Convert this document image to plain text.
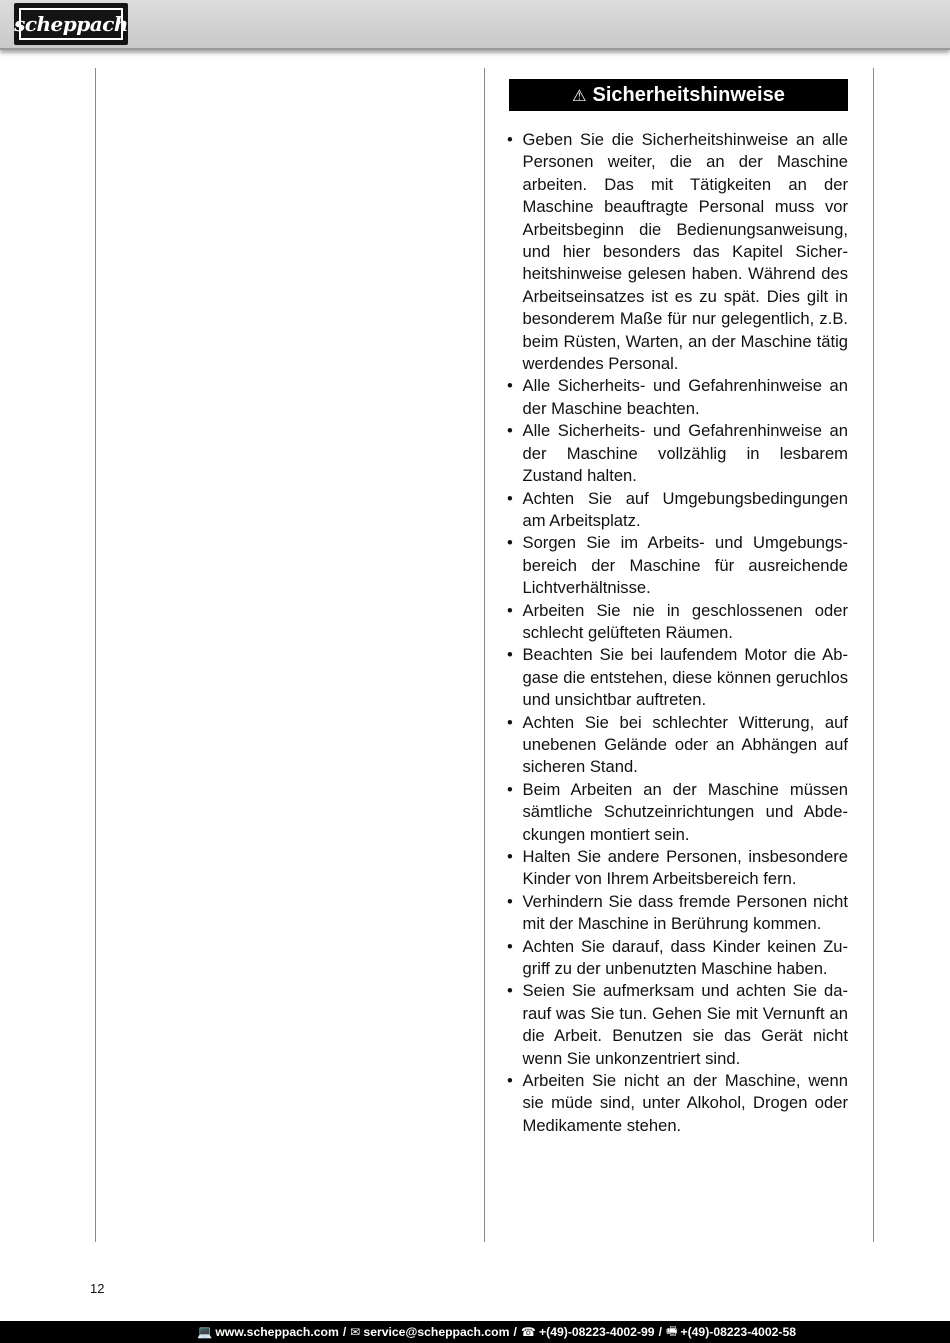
scheppach
⚠ Sicherheitshinweise
• Geben Sie die Sicherheitshinweise an alle Personen weiter, die an der Maschine arbeiten. Das mit Tätigkeiten an der Maschine beauftragte Personal muss vor Arbeitsbeginn die Bedienungsanweisung, und hier besonders das Kapitel Sicherheitshinweise gelesen haben. Während des Arbeitseinsatzes ist es zu spät. Dies gilt in besonderem Maße für nur gelegentlich, z.B. beim Rüsten, Warten, an der Maschine tätig werdendes Personal.
• Alle Sicherheits- und Gefahrenhinweise an der Maschine beachten.
• Alle Sicherheits- und Gefahrenhinweise an der Maschine vollzählig in lesbarem Zustand halten.
• Achten Sie auf Umgebungsbedingungen am Arbeitsplatz.
• Sorgen Sie im Arbeits- und Umgebungsbereich der Maschine für ausreichende Lichtverhältnisse.
• Arbeiten Sie nie in geschlossenen oder schlecht gelüfteten Räumen.
• Beachten Sie bei laufendem Motor die Abgase die entstehen, diese können geruchlos und unsichtbar auftreten.
• Achten Sie bei schlechter Witterung, auf unebenen Gelände oder an Abhängen auf sicheren Stand.
• Beim Arbeiten an der Maschine müssen sämtliche Schutzeinrichtungen und Abdeckungen montiert sein.
• Halten Sie andere Personen, insbesondere Kinder von Ihrem Arbeitsbereich fern.
• Verhindern Sie dass fremde Personen nicht mit der Maschine in Berührung kommen.
• Achten Sie darauf, dass Kinder keinen Zugriff zu der unbenutzten Maschine haben.
• Seien Sie aufmerksam und achten Sie darauf was Sie tun. Gehen Sie mit Vernunft an die Arbeit. Benutzen sie das Gerät nicht wenn Sie unkonzentriert sind.
• Arbeiten Sie nicht an der Maschine, wenn sie müde sind, unter Alkohol, Drogen oder Medikamente stehen.
12
💻 www.scheppach.com / ✉ service@scheppach.com / ☎ +(49)-08223-4002-99 / 🖷 +(49)-08223-4002-58
